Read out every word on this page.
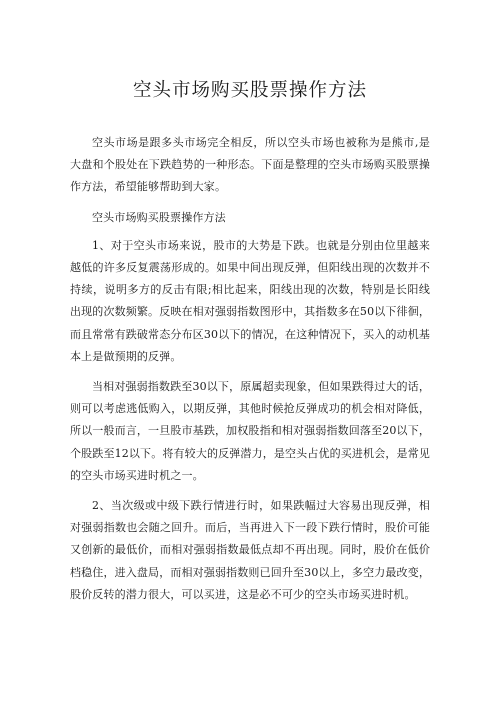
空头市场购买股票操作方法

空头市场是跟多头市场完全相反，所以空头市场也被称为是熊市,是大盘和个股处在下跌趋势的一种形态。下面是整理的空头市场购买股票操作方法，希望能够帮助到大家。

空头市场购买股票操作方法

1、对于空头市场来说，股市的大势是下跌。也就是分别由位里越来越低的许多反复震荡形成的。如果中间出现反弹，但阳线出现的次数并不持续，说明多方的反击有限;相比起来，阳线出现的次数，特别是长阳线出现的次数频繁。反映在相对强弱指数图形中，其指数多在50以下徘徊，而且常常有跌破常态分布区30以下的情况，在这种情况下，买入的动机基本上是做预期的反弹。

当相对强弱指数跌至30以下，原属超卖现象，但如果跌得过大的话，则可以考虑逃低购入，以期反弹，其他时候抢反弹成功的机会相对降低，所以一般而言，一旦股市基跌，加权股指和相对强弱指数回落至20以下，个股跌至12以下。将有较大的反弹潜力，是空头占优的买进机会，是常见的空头市场买进时机之一。

2、当次级或中级下跌行情进行时，如果跌幅过大容易出现反弹，相对强弱指数也会随之回升。而后，当再进入下一段下跌行情时，股价可能又创新的最低价，而相对强弱指数最低点却不再出现。同时，股价在低价档稳住，进入盘局，而相对强弱指数则已回升至30以上，多空力最改变，股价反转的潜力很大，可以买进，这是必不可少的空头市场买进时机。
